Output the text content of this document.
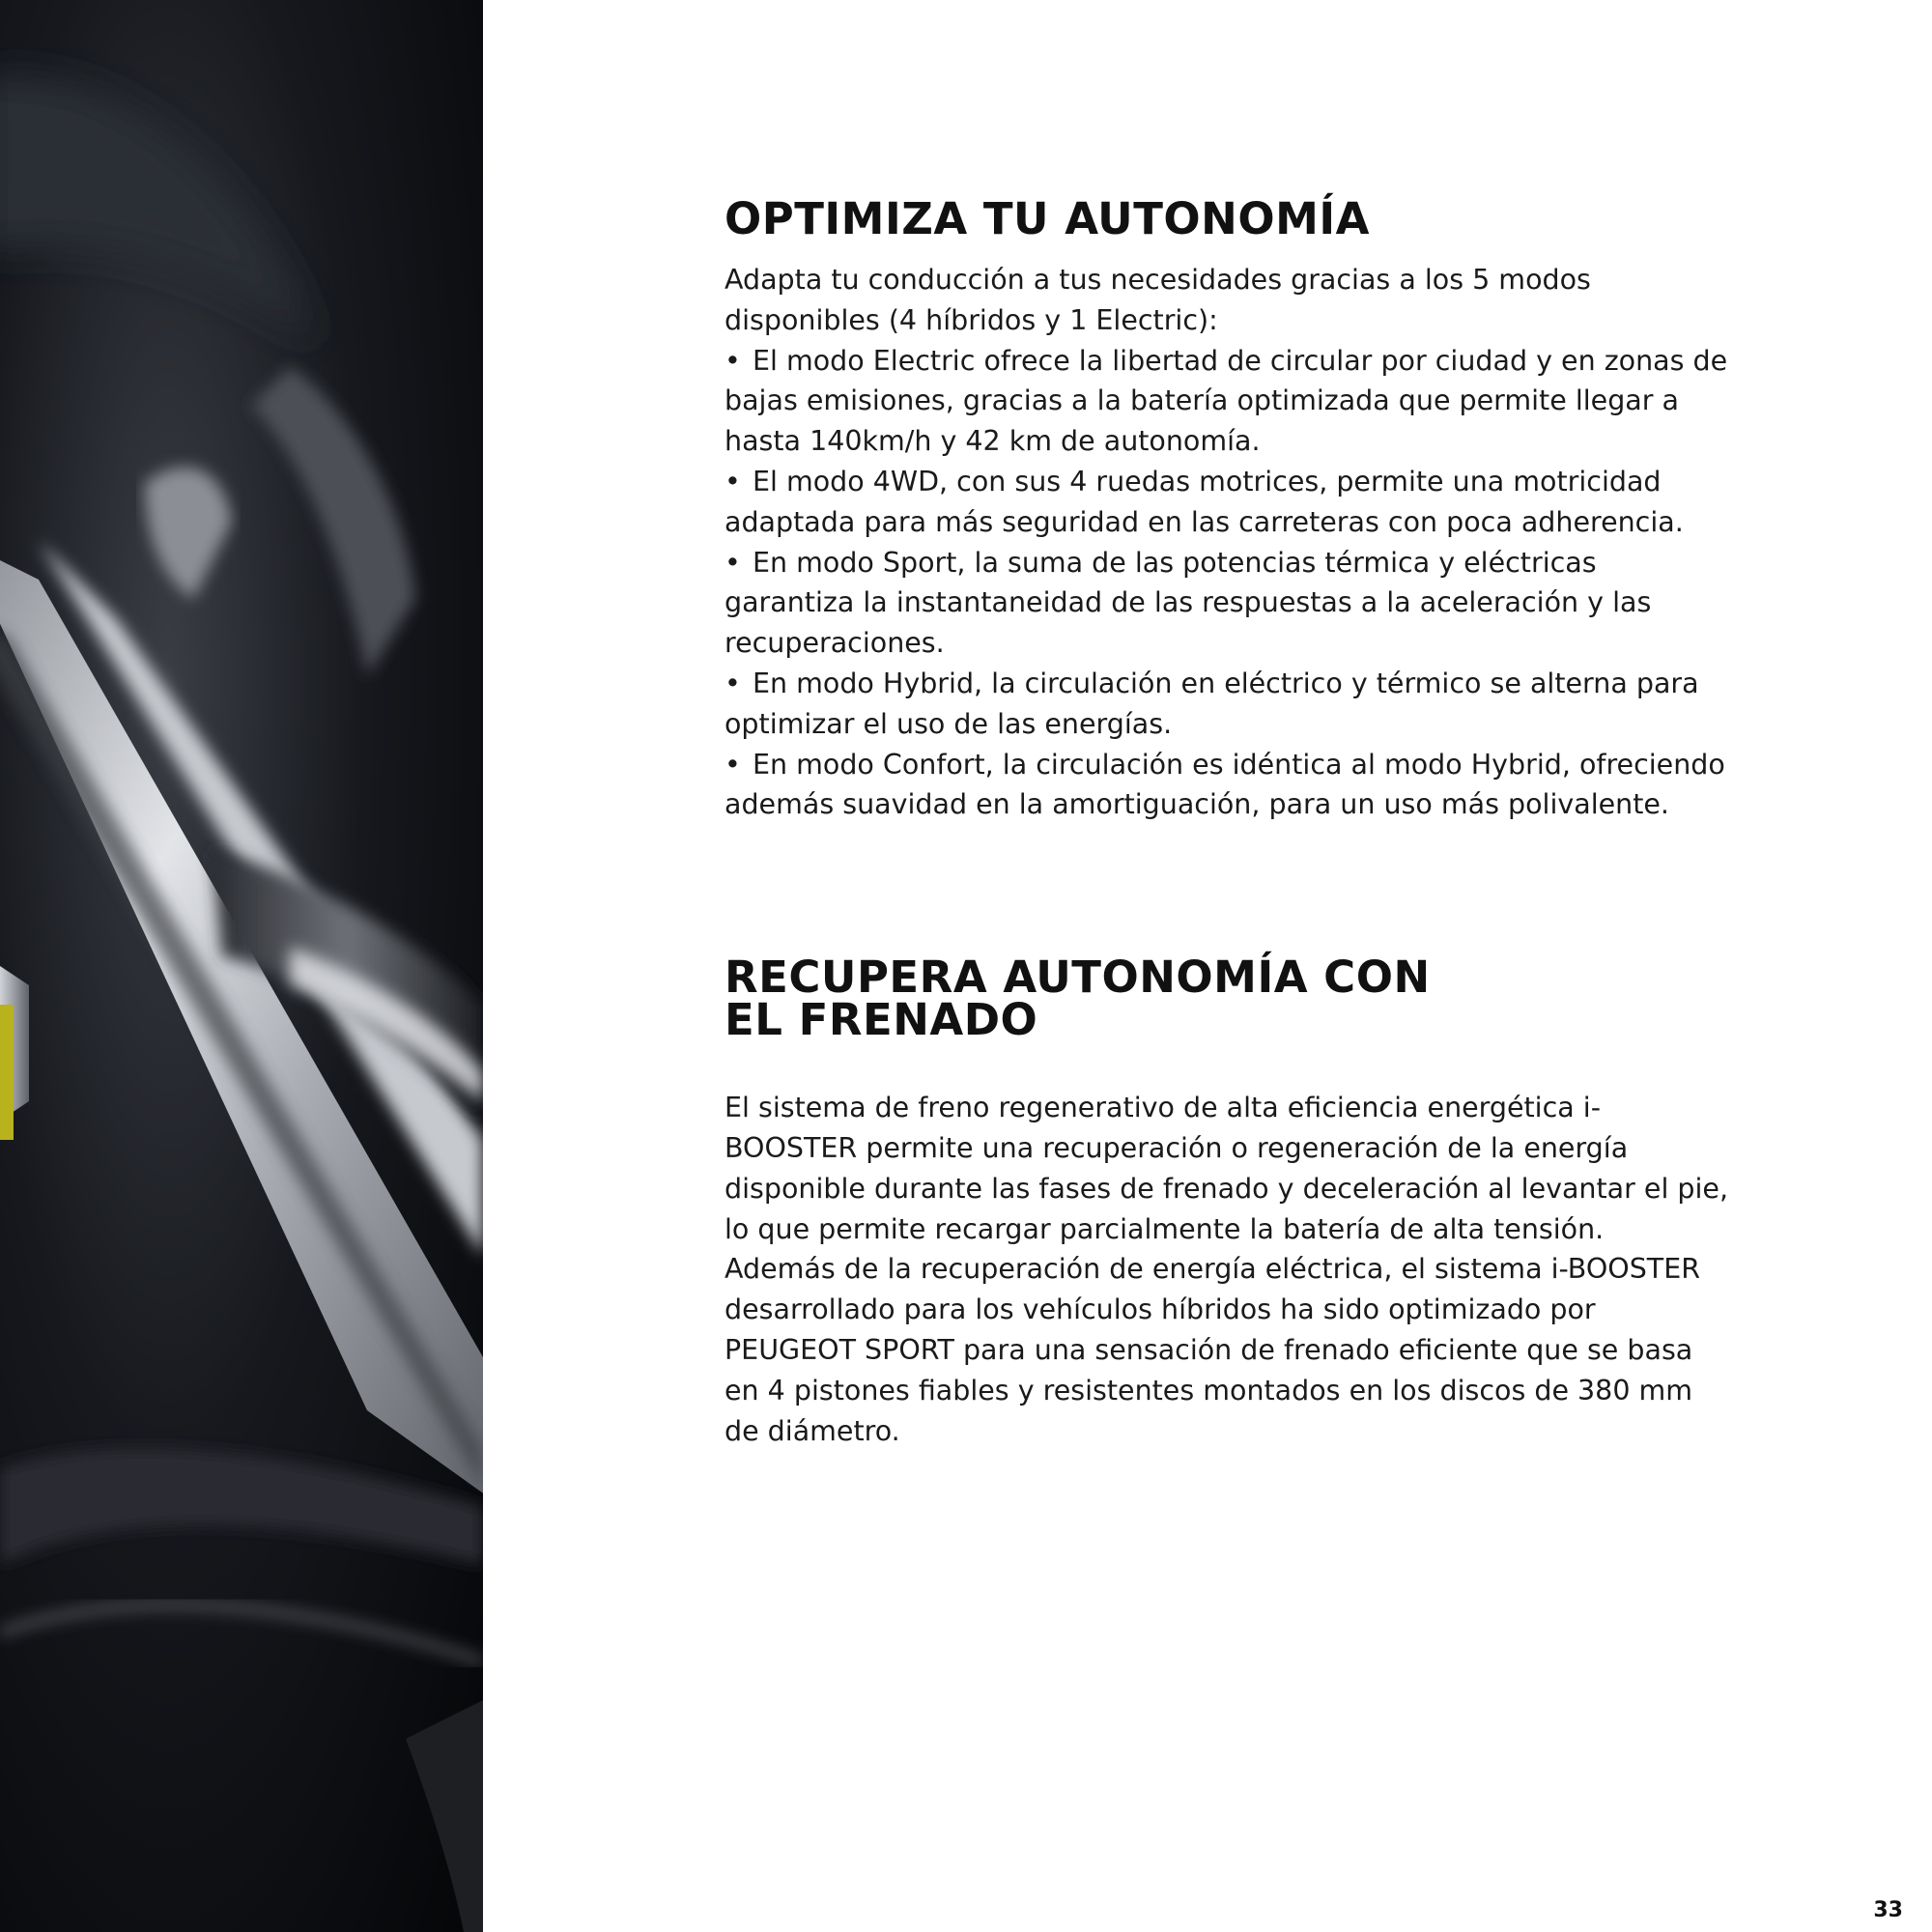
OPTIMIZA TU AUTONOMÍA

Adapta tu conducción a tus necesidades gracias a los 5 modos disponibles (4 híbridos y 1 Electric):

• El modo Electric ofrece la libertad de circular por ciudad y en zonas de bajas emisiones, gracias a la batería optimizada que permite llegar a hasta 140km/h y 42 km de autonomía.

• El modo 4WD, con sus 4 ruedas motrices, permite una motricidad adaptada para más seguridad en las carreteras con poca adherencia.

• En modo Sport, la suma de las potencias térmica y eléctricas garantiza la instantaneidad de las respuestas a la aceleración y las recuperaciones.

• En modo Hybrid, la circulación en eléctrico y térmico se alterna para optimizar el uso de las energías.

• En modo Confort, la circulación es idéntica al modo Hybrid, ofreciendo además suavidad en la amortiguación, para un uso más polivalente.

RECUPERA AUTONOMÍA CON
EL FRENADO

El sistema de freno regenerativo de alta eficiencia energética i-BOOSTER permite una recuperación o regeneración de la energía disponible durante las fases de frenado y deceleración al levantar el pie, lo que permite recargar parcialmente la batería de alta tensión.

Además de la recuperación de energía eléctrica, el sistema i-BOOSTER desarrollado para los vehículos híbridos ha sido optimizado por PEUGEOT SPORT para una sensación de frenado eficiente que se basa en 4 pistones fiables y resistentes montados en los discos de 380 mm de diámetro.

33
